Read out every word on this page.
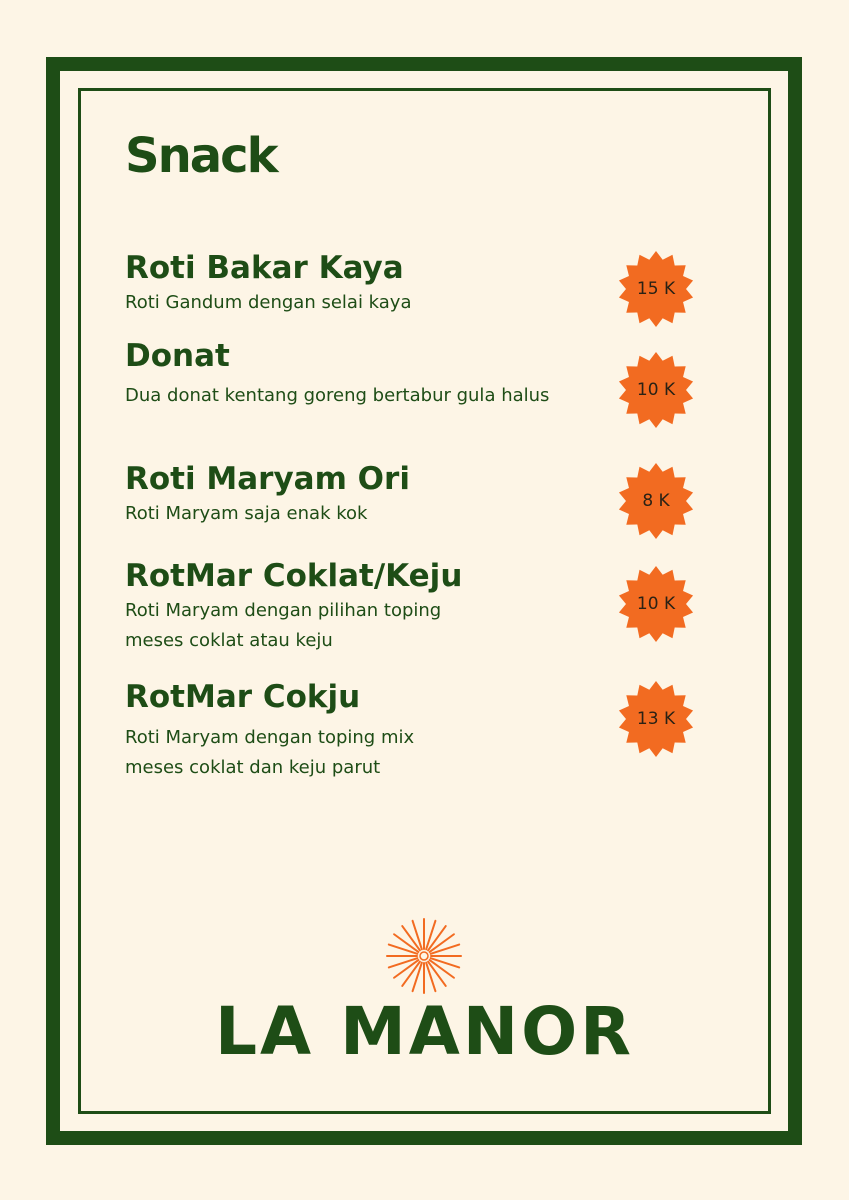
Snack
Roti Bakar Kaya
Roti Gandum dengan selai kaya
15 K
Donat
Dua donat kentang goreng bertabur gula halus	10 K
Roti Maryam Ori
Roti Maryam saja enak kok
8 K
RotMar Coklat/Keju
Roti Maryam dengan pilihan toping meses coklat atau keju
10 K
RotMar Cokju
Roti Maryam dengan toping mix meses coklat dan keju parut
13 K
LA MANOR
